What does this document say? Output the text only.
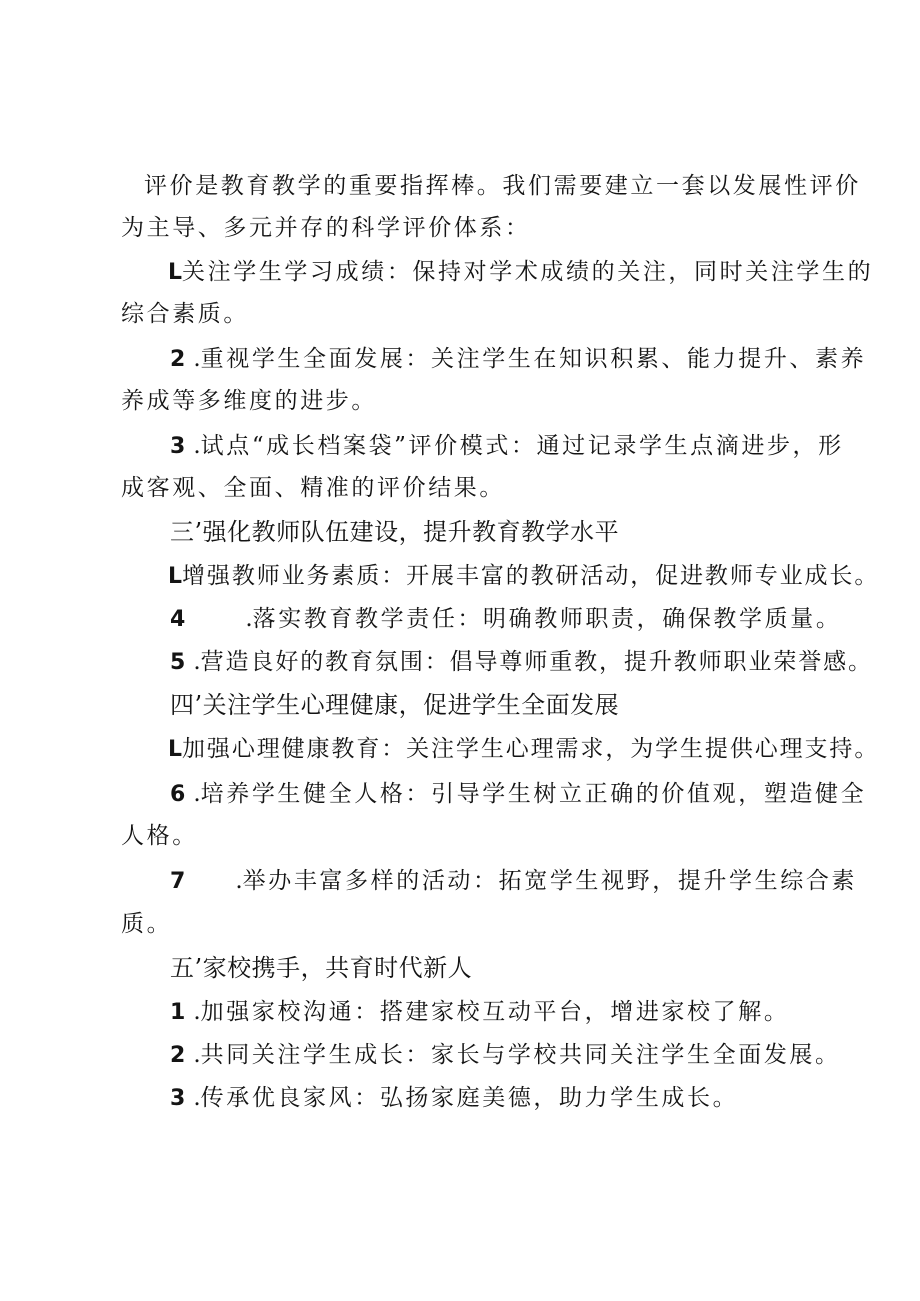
评价是教育教学的重要指挥棒。我们需要建立一套以发展性评价
为主导、多元并存的科学评价体系：
L关注学生学习成绩：保持对学术成绩的关注，同时关注学生的
综合素质。
2 .重视学生全面发展：关注学生在知识积累、能力提升、素养
养成等多维度的进步。
3 .试点“成长档案袋”评价模式：通过记录学生点滴进步，形
成客观、全面、精准的评价结果。
三’强化教师队伍建设，提升教育教学水平
L增强教师业务素质：开展丰富的教研活动，促进教师专业成长。
4	.落实教育教学责任：明确教师职责，确保教学质量。
5 .营造良好的教育氛围：倡导尊师重教，提升教师职业荣誉感。
四’关注学生心理健康，促进学生全面发展
L加强心理健康教育：关注学生心理需求，为学生提供心理支持。
6 .培养学生健全人格：引导学生树立正确的价值观，塑造健全
人格。
7 .举办丰富多样的活动：拓宽学生视野，提升学生综合素
质。
五’家校携手，共育时代新人
1 .加强家校沟通：搭建家校互动平台，增进家校了解。
2 .共同关注学生成长：家长与学校共同关注学生全面发展。
3 .传承优良家风：弘扬家庭美德，助力学生成长。
